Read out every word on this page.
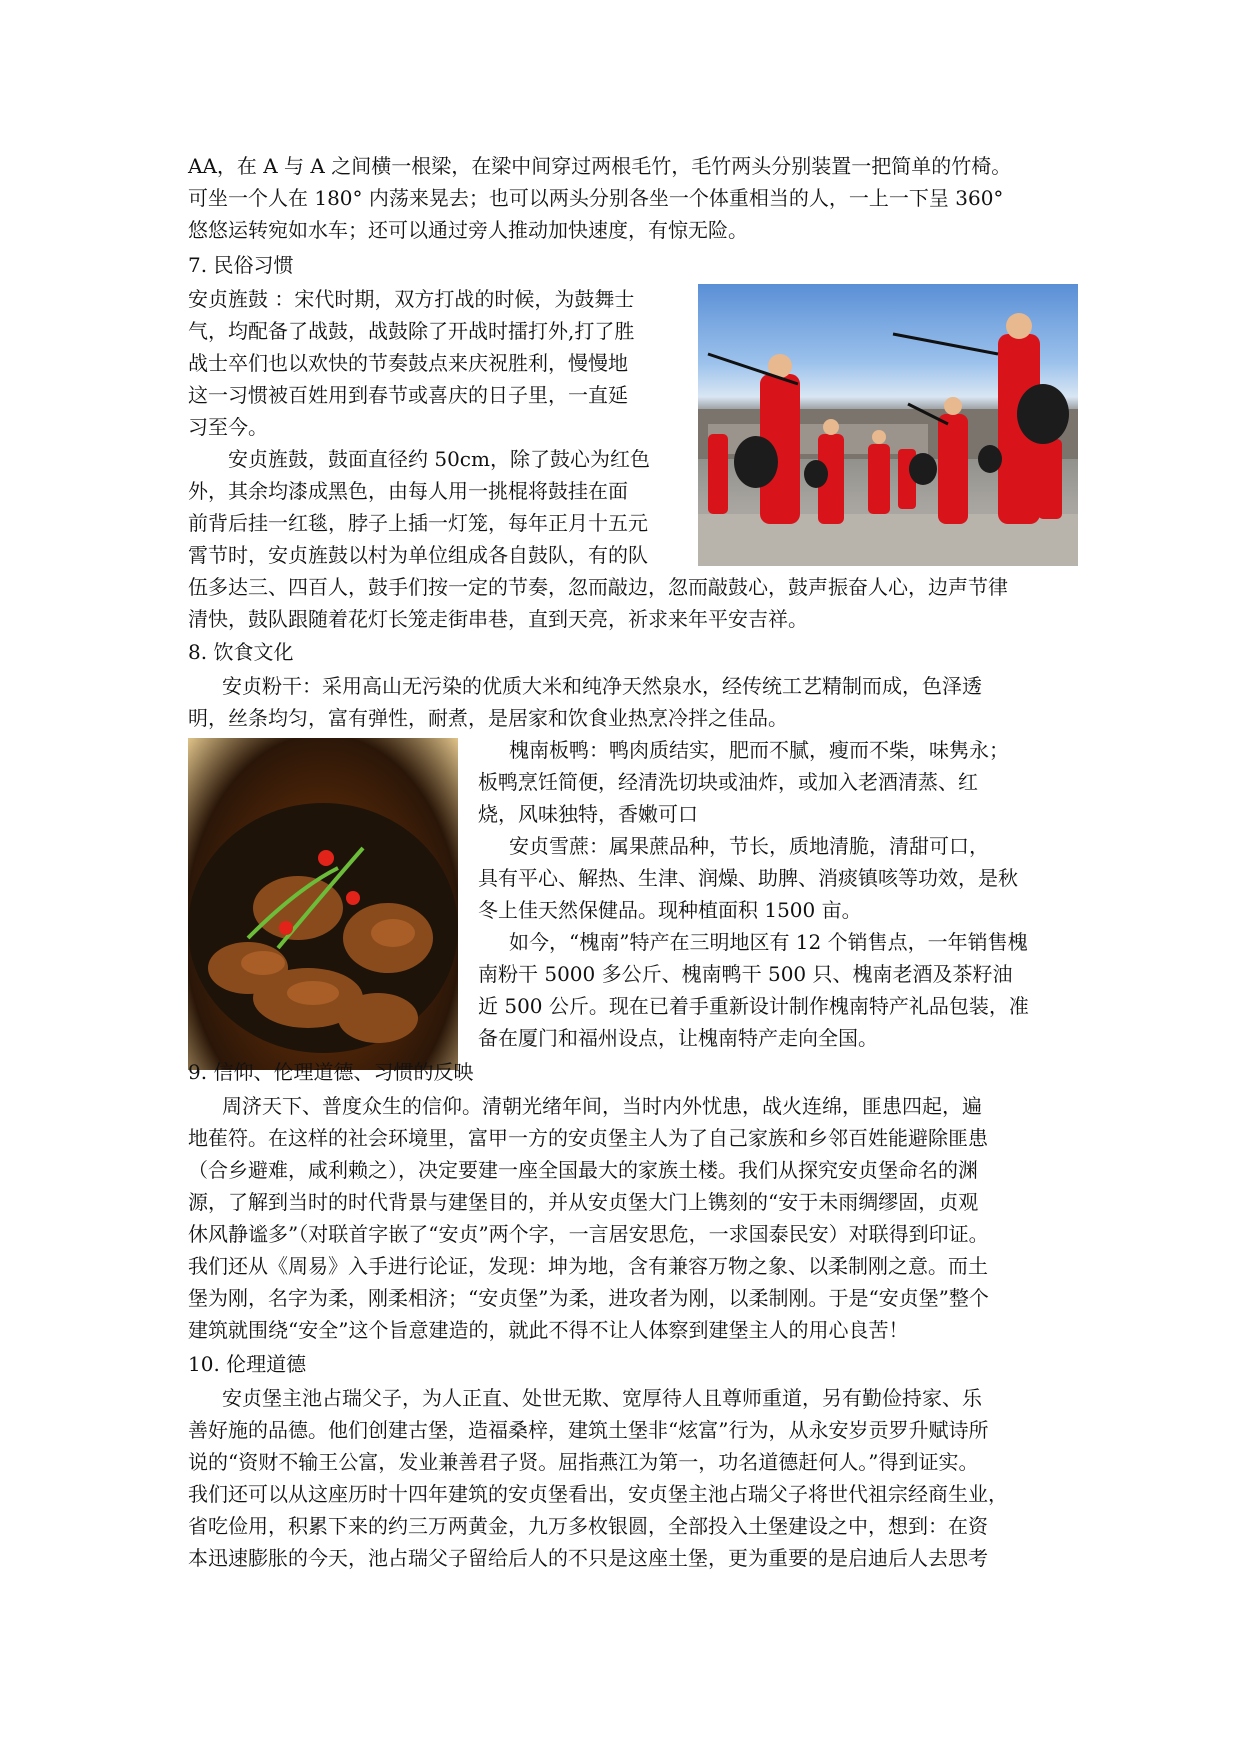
AA，在 A 与 A 之间横一根梁，在梁中间穿过两根毛竹，毛竹两头分别装置一把简单的竹椅。
可坐一个人在 180° 内荡来晃去；也可以两头分别各坐一个体重相当的人，一上一下呈 360°
悠悠运转宛如水车；还可以通过旁人推动加快速度，有惊无险。
7. 民俗习惯
安贞旌鼓 ：宋代时期，双方打战的时候，为鼓舞士
气，均配备了战鼓，战鼓除了开战时擂打外,打了胜
战士卒们也以欢快的节奏鼓点来庆祝胜利，慢慢地
这一习惯被百姓用到春节或喜庆的日子里，一直延
习至今。
安贞旌鼓，鼓面直径约 50cm，除了鼓心为红色
外，其余均漆成黑色，由每人用一挑棍将鼓挂在面
前背后挂一红毯，脖子上插一灯笼，每年正月十五元
霄节时，安贞旌鼓以村为单位组成各自鼓队，有的队
伍多达三、四百人，鼓手们按一定的节奏，忽而敲边，忽而敲鼓心，鼓声振奋人心，边声节律
清快，鼓队跟随着花灯长笼走街串巷，直到天亮，祈求来年平安吉祥。
8. 饮食文化
安贞粉干：采用高山无污染的优质大米和纯净天然泉水，经传统工艺精制而成，色泽透
明，丝条均匀，富有弹性，耐煮，是居家和饮食业热烹冷拌之佳品。
槐南板鸭：鸭肉质结实，肥而不腻，瘦而不柴，味隽永；
板鸭烹饪简便，经清洗切块或油炸，或加入老酒清蒸、红
烧，风味独特，香嫩可口
安贞雪蔗：属果蔗品种，节长，质地清脆，清甜可口，
具有平心、解热、生津、润燥、助脾、消痰镇咳等功效，是秋
冬上佳天然保健品。现种植面积 1500 亩。
如今，“槐南”特产在三明地区有 12 个销售点，一年销售槐
南粉干 5000 多公斤、槐南鸭干 500 只、槐南老酒及茶籽油
近 500 公斤。现在已着手重新设计制作槐南特产礼品包装，准
备在厦门和福州设点，让槐南特产走向全国。
9. 信仰、伦理道德、习惯的反映
周济天下、普度众生的信仰。清朝光绪年间，当时内外忧患，战火连绵，匪患四起，遍
地萑符。在这样的社会环境里，富甲一方的安贞堡主人为了自己家族和乡邻百姓能避除匪患
（合乡避难，咸利赖之），决定要建一座全国最大的家族土楼。我们从探究安贞堡命名的渊
源，了解到当时的时代背景与建堡目的，并从安贞堡大门上镌刻的“安于未雨绸缪固，贞观
休风静谧多”（对联首字嵌了“安贞”两个字，一言居安思危，一求国泰民安）对联得到印证。
我们还从《周易》入手进行论证，发现：坤为地，含有兼容万物之象、以柔制刚之意。而土
堡为刚，名字为柔，刚柔相济；“安贞堡”为柔，进攻者为刚，以柔制刚。于是“安贞堡”整个
建筑就围绕“安全”这个旨意建造的，就此不得不让人体察到建堡主人的用心良苦！
10. 伦理道德
安贞堡主池占瑞父子，为人正直、处世无欺、宽厚待人且尊师重道，另有勤俭持家、乐
善好施的品德。他们创建古堡，造福桑梓，建筑土堡非“炫富”行为，从永安岁贡罗升赋诗所
说的“资财不输王公富，发业兼善君子贤。屈指燕江为第一，功名道德赶何人。”得到证实。
我们还可以从这座历时十四年建筑的安贞堡看出，安贞堡主池占瑞父子将世代祖宗经商生业，
省吃俭用，积累下来的约三万两黄金，九万多枚银圆，全部投入土堡建设之中，想到：在资
本迅速膨胀的今天，池占瑞父子留给后人的不只是这座土堡，更为重要的是启迪后人去思考
